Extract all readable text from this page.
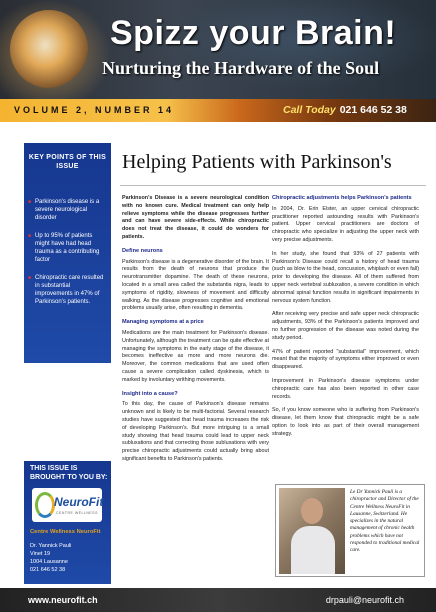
Spizz your Brain!
Nurturing the Hardware of the Soul
VOLUME 2, NUMBER 14	Call Today 021 646 52 38
KEY POINTS OF THIS ISSUE
■ Parkinson's disease is a severe neurological disorder
■ Up to 95% of patients might have had head trauma as a contributing factor
■ Chiropractic care resulted in substantial improvements in 47% of Parkinson's patients.
THIS ISSUE IS BROUGHT TO YOU BY:
NeuroFit
CENTRE WELLNESS
Centre Wellness NeuroFit
Dr. Yannick Pauli
Vinet 19
1004 Lausanne
021 646 52 38
Helping Patients with Parkinson's

Parkinson's Disease is a severe neurological condition with no known cure. Medical treatment can only help relieve symptoms while the disease progresses further and can have severe side-effects. While chiropractic does not treat the disease, it could do wonders for patients.

Define neurons

Parkinson's disease is a degenerative disorder of the brain. It results from the death of neurons that produce the neurotransmitter dopamine. The death of these neurons, located in a small area called the substantia nigra, leads to symptoms of rigidity, slowness of movement and difficulty walking. As the disease progresses cognitive and emotional problems usually arise, often resulting in dementia.

Managing symptoms at a price

Medications are the main treatment for Parkinson's disease. Unfortunately, although the treatment can be quite effective at managing the symptoms in the early stage of the disease, it becomes ineffective as more and more neurons die. Moreover, the common medications that are used often cause a severe complication called dyskinesia, which is marked by involuntary writhing movements.

Insight into a cause?

To this day, the cause of Parkinson's disease remains unknown and is likely to be multi-factorial. Several research studies have suggested that head trauma increases the risk of developing Parkinson's. But more intriguing is a small study showing that head trauma could lead to upper neck subluxations and that correcting those subluxations with very precise chiropractic adjustments could actually bring about significant benefits to Parkinson's patients.

Chiropractic adjustments helps Parkinson's patients

In 2004, Dr. Erin Elster, an upper cervical chiropractic practitioner reported astounding results with Parkinson's patient. Upper cervical practitioners are doctors of chiropractic who specialize in adjusting the upper neck with very precise adjustments.

In her study, she found that 93% of 27 patients with Parkinson's Disease could recall a history of head trauma (such as blow to the head, concussion, whiplash or even fall) prior to developing the disease. All of them suffered from upper neck vertebral subluxation, a severe condition in which abnormal spinal function results in significant impairments in nervous system function.

After receiving very precise and safe upper neck chiropractic adjustments, 93% of the Parkinson's patients improved and no further progression of the disease was noted during the study period.

47% of patient reported "substantial" improvement, which meant that the majority of symptoms either improved or even disappeared.

Improvement in Parkinson's disease symptoms under chiropractic care has also been reported in other case records.

So, if you know someone who is suffering from Parkinson's disease, let them know that chiropractic might be a safe option to look into as part of their overall management strategy.

Le Dr Yannick Pauli is a chiropractor and Director of the Centre Wellness NeuroFit in Lausanne, Switzerland. He specializes in the natural management of chronic health problems which have not responded to traditional medical care.
www.neurofit.ch	drpauli@neurofit.ch
